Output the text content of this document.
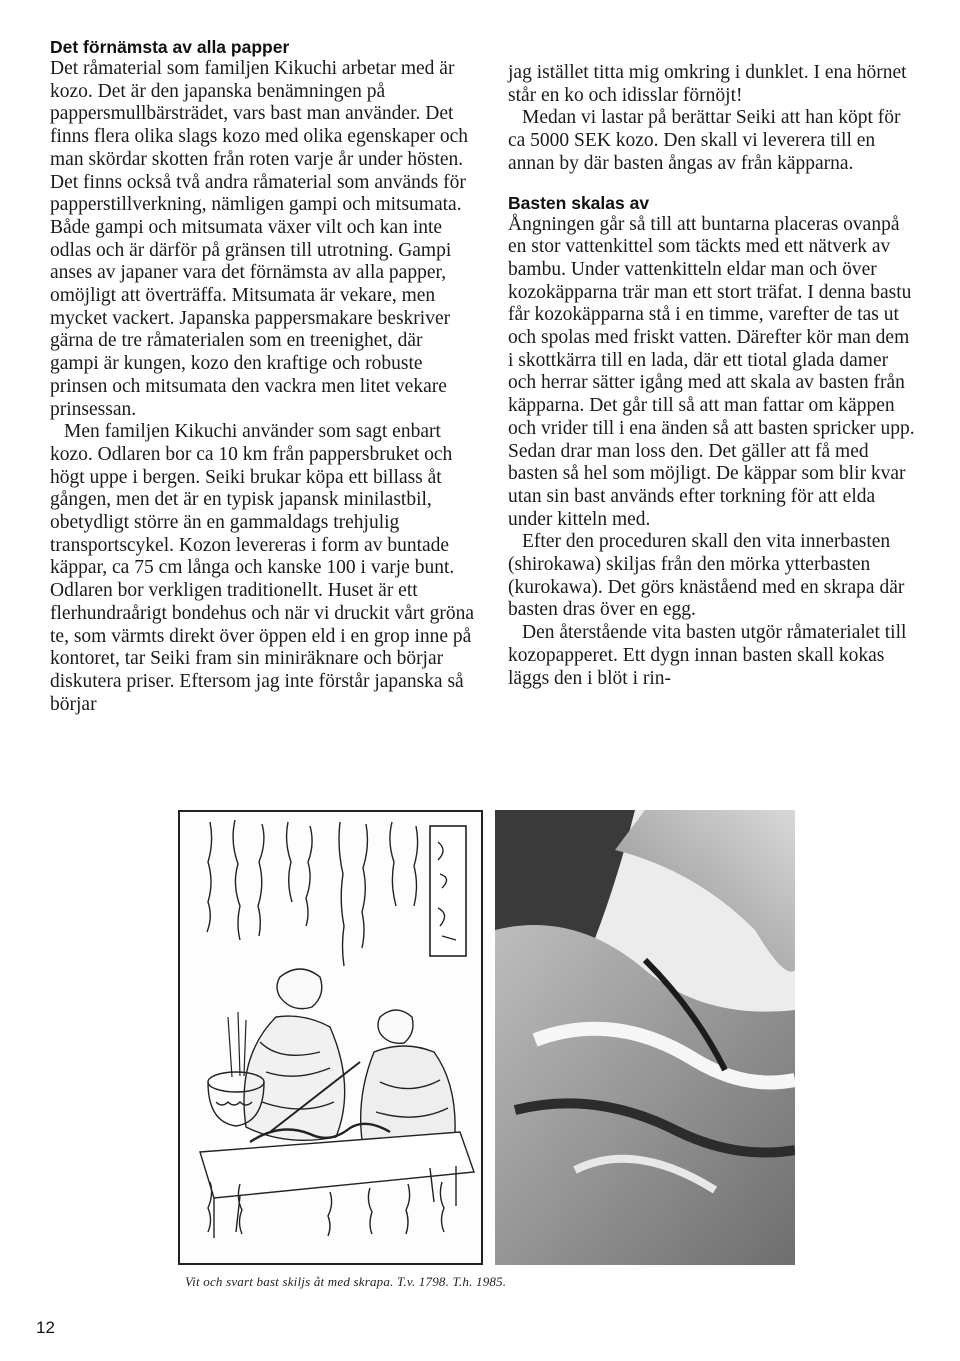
Det förnämsta av alla papper

Det råmaterial som familjen Kikuchi arbetar med är kozo. Det är den japanska benämningen på pappersmullbärsträdet, vars bast man använder. Det finns flera olika slags kozo med olika egenskaper och man skördar skotten från roten varje år under hösten. Det finns också två andra råmaterial som används för papperstillverkning, nämligen gampi och mitsumata. Både gampi och mitsumata växer vilt och kan inte odlas och är därför på gränsen till utrotning. Gampi anses av japaner vara det förnämsta av alla papper, omöjligt att överträffa. Mitsumata är vekare, men mycket vackert. Japanska pappersmakare beskriver gärna de tre råmaterialen som en treenighet, där gampi är kungen, kozo den kraftige och robuste prinsen och mitsumata den vackra men litet vekare prinsessan.

Men familjen Kikuchi använder som sagt enbart kozo. Odlaren bor ca 10 km från pappersbruket och högt uppe i bergen. Seiki brukar köpa ett billass åt gången, men det är en typisk japansk minilastbil, obetydligt större än en gammaldags trehjulig transportscykel. Kozon levereras i form av buntade käppar, ca 75 cm långa och kanske 100 i varje bunt. Odlaren bor verkligen traditionellt. Huset är ett flerhundraårigt bondehus och när vi druckit vårt gröna te, som värmts direkt över öppen eld i en grop inne på kontoret, tar Seiki fram sin miniräknare och börjar diskutera priser. Eftersom jag inte förstår japanska så börjar

jag istället titta mig omkring i dunklet. I ena hörnet står en ko och idisslar förnöjt!

Medan vi lastar på berättar Seiki att han köpt för ca 5000 SEK kozo. Den skall vi leverera till en annan by där basten ångas av från käpparna.

Basten skalas av

Ångningen går så till att buntarna placeras ovanpå en stor vattenkittel som täckts med ett nätverk av bambu. Under vattenkitteln eldar man och över kozokäpparna trär man ett stort träfat. I denna bastu får kozokäpparna stå i en timme, varefter de tas ut och spolas med friskt vatten. Därefter kör man dem i skottkärra till en lada, där ett tiotal glada damer och herrar sätter igång med att skala av basten från käpparna. Det går till så att man fattar om käppen och vrider till i ena änden så att basten spricker upp. Sedan drar man loss den. Det gäller att få med basten så hel som möjligt. De käppar som blir kvar utan sin bast används efter torkning för att elda under kitteln med.

Efter den proceduren skall den vita innerbasten (shirokawa) skiljas från den mörka ytterbasten (kurokawa). Det görs knäståend med en skrapa där basten dras över en egg.

Den återstående vita basten utgör råmaterialet till kozopapperet. Ett dygn innan basten skall kokas läggs den i blöt i rin-

Vit och svart bast skiljs åt med skrapa. T.v. 1798. T.h. 1985.
12
